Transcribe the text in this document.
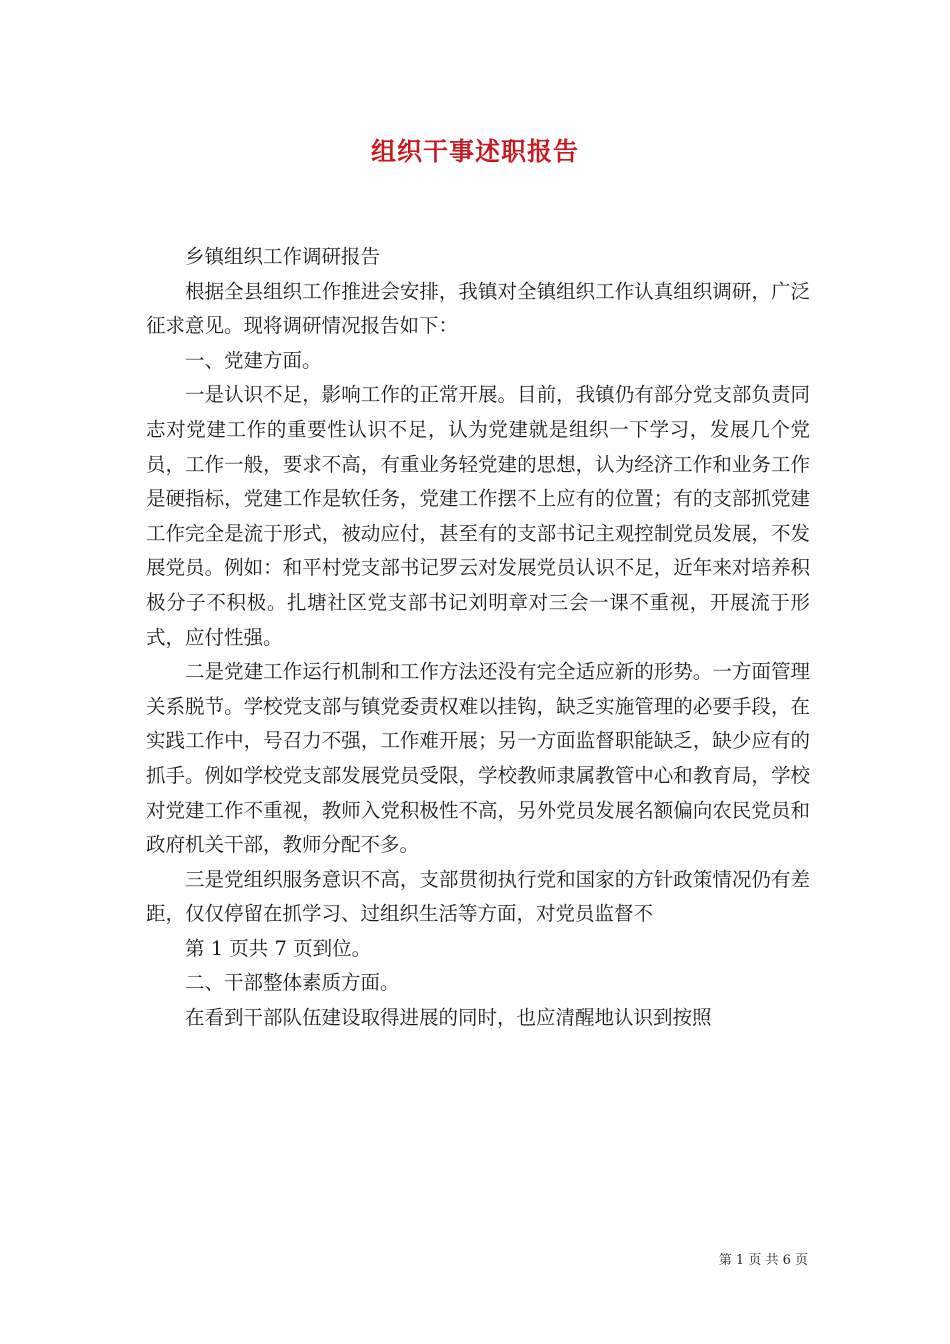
组织干事述职报告

乡镇组织工作调研报告

根据全县组织工作推进会安排，我镇对全镇组织工作认真组织调研，广泛征求意见。现将调研情况报告如下：

一、党建方面。

一是认识不足，影响工作的正常开展。目前，我镇仍有部分党支部负责同志对党建工作的重要性认识不足，认为党建就是组织一下学习，发展几个党员，工作一般，要求不高，有重业务轻党建的思想，认为经济工作和业务工作是硬指标，党建工作是软任务，党建工作摆不上应有的位置；有的支部抓党建工作完全是流于形式，被动应付，甚至有的支部书记主观控制党员发展，不发展党员。例如：和平村党支部书记罗云对发展党员认识不足，近年来对培养积极分子不积极。扎塘社区党支部书记刘明章对三会一课不重视，开展流于形式，应付性强。

二是党建工作运行机制和工作方法还没有完全适应新的形势。一方面管理关系脱节。学校党支部与镇党委责权难以挂钩，缺乏实施管理的必要手段，在实践工作中，号召力不强，工作难开展；另一方面监督职能缺乏，缺少应有的抓手。例如学校党支部发展党员受限，学校教师隶属教管中心和教育局，学校对党建工作不重视，教师入党积极性不高，另外党员发展名额偏向农民党员和政府机关干部，教师分配不多。

三是党组织服务意识不高，支部贯彻执行党和国家的方针政策情况仍有差距，仅仅停留在抓学习、过组织生活等方面，对党员监督不

第 1 页共 7 页到位。

二、干部整体素质方面。

在看到干部队伍建设取得进展的同时，也应清醒地认识到按照

第 1 页 共 6 页
